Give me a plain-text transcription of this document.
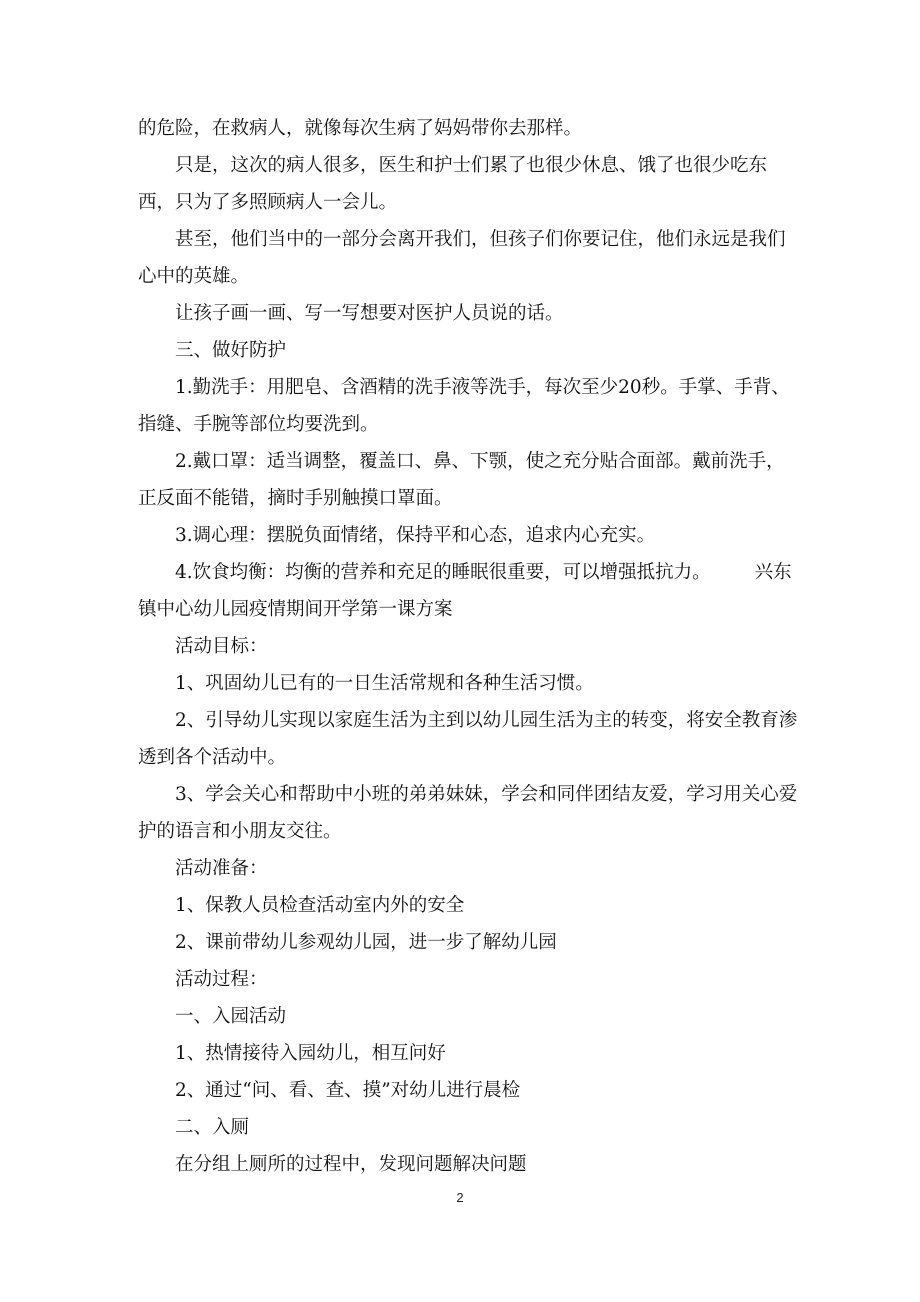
的危险，在救病人，就像每次生病了妈妈带你去那样。

只是，这次的病人很多，医生和护士们累了也很少休息、饿了也很少吃东西，只为了多照顾病人一会儿。

甚至，他们当中的一部分会离开我们，但孩子们你要记住，他们永远是我们心中的英雄。

让孩子画一画、写一写想要对医护人员说的话。

三、做好防护

1.勤洗手：用肥皂、含酒精的洗手液等洗手，每次至少20秒。手掌、手背、指缝、手腕等部位均要洗到。

2.戴口罩：适当调整，覆盖口、鼻、下颚，使之充分贴合面部。戴前洗手，正反面不能错，摘时手别触摸口罩面。

3.调心理：摆脱负面情绪，保持平和心态，追求内心充实。

4.饮食均衡：均衡的营养和充足的睡眠很重要，可以增强抵抗力。 兴东镇中心幼儿园疫情期间开学第一课方案

活动目标：

1、巩固幼儿已有的一日生活常规和各种生活习惯。

2、引导幼儿实现以家庭生活为主到以幼儿园生活为主的转变，将安全教育渗透到各个活动中。

3、学会关心和帮助中小班的弟弟妹妹，学会和同伴团结友爱，学习用关心爱护的语言和小朋友交往。

活动准备：

1、保教人员检查活动室内外的安全

2、课前带幼儿参观幼儿园，进一步了解幼儿园

活动过程：

一、入园活动

1、热情接待入园幼儿，相互问好

2、通过“问、看、查、摸”对幼儿进行晨检

二、入厕

在分组上厕所的过程中，发现问题解决问题

2
